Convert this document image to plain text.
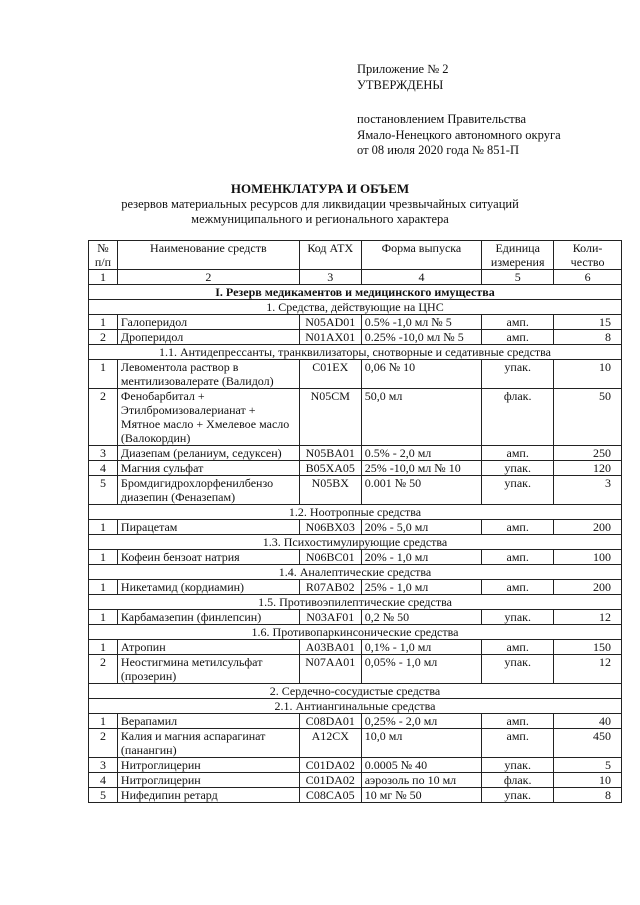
Приложение № 2
УТВЕРЖДЕНЫ
постановлением Правительства
Ямало-Ненецкого автономного округа
от 08 июля 2020 года № 851-П
НОМЕНКЛАТУРА И ОБЪЕМ
резервов материальных ресурсов для ликвидации чрезвычайных ситуаций
межмуниципального и регионального характера
№ п/п	Наименование средств	Код АТХ	Форма выпуска	Единица измерения	Коли-чество
1	2	3	4	5	6
I. Резерв медикаментов и медицинского имущества					
1. Средства, действующие на ЦНС					
1	Галоперидол	N05AD01	0.5% -1,0 мл № 5	амп.	15
2	Дроперидол	N01AX01	0.25% -10,0 мл № 5	амп.	8
1.1. Антидепрессанты, транквилизаторы, снотворные и седативные средства					
1	Левоментола раствор в ментилизовалерате (Валидол)	C01EX	0,06 № 10	упак.	10
2	Фенобарбитал + Этилбромизовалерианат + Мятное масло + Хмелевое масло (Валокордин)	N05CM	50,0 мл	флак.	50
3	Диазепам (реланиум, седуксен)	N05BA01	0.5% - 2,0 мл	амп.	250
4	Магния сульфат	B05XA05	25% -10,0 мл № 10	упак.	120
5	Бромдигидрохлорфенилбензо диазепин (Феназепам)	N05BX	0.001 № 50	упак.	3
1.2. Ноотропные средства					
1	Пирацетам	N06BX03	20% - 5,0 мл	амп.	200
1.3. Психостимулирующие средства					
1	Кофеин бензоат натрия	N06BC01	20% - 1,0 мл	амп.	100
1.4. Аналептические средства					
1	Никетамид (кордиамин)	R07AB02	25% - 1,0 мл	амп.	200
1.5. Противоэпилептические средства					
1	Карбамазепин (финлепсин)	N03AF01	0,2 № 50	упак.	12
1.6. Противопаркинсонические средства					
1	Атропин	A03BA01	0,1% - 1,0 мл	амп.	150
2	Неостигмина метилсульфат (прозерин)	N07AA01	0,05% - 1,0 мл	упак.	12
2. Сердечно-сосудистые средства					
2.1. Антиангинальные средства					
1	Верапамил	C08DA01	0,25% - 2,0 мл	амп.	40
2	Калия и магния аспарагинат (панангин)	A12CX	10,0 мл	амп.	450
3	Нитроглицерин	C01DA02	0.0005 № 40	упак.	5
4	Нитроглицерин	C01DA02	аэрозоль по 10 мл	флак.	10
5	Нифедипин ретард	C08CA05	10 мг № 50	упак.	8
